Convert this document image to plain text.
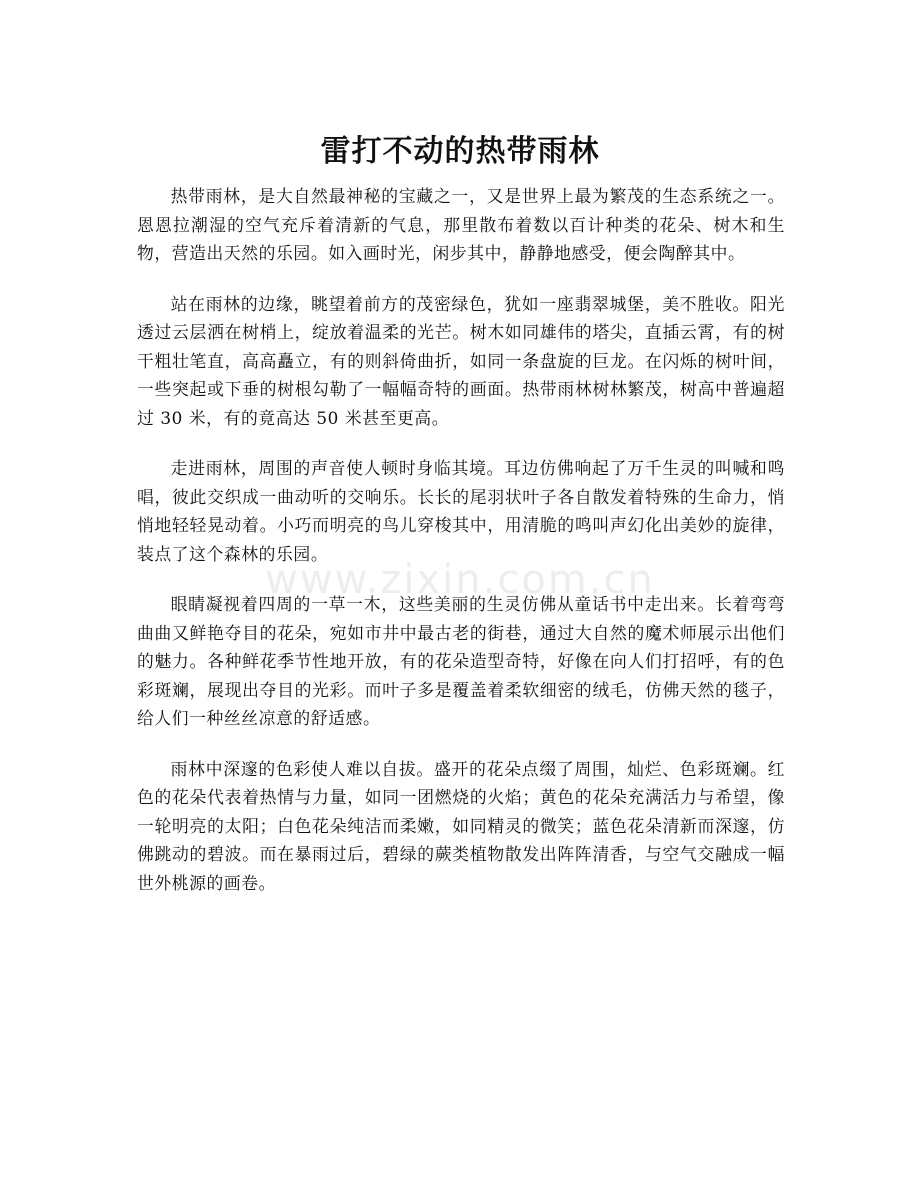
雷打不动的热带雨林

热带雨林，是大自然最神秘的宝藏之一，又是世界上最为繁茂的生态系统之一。恩恩拉潮湿的空气充斥着清新的气息，那里散布着数以百计种类的花朵、树木和生物，营造出天然的乐园。如入画时光，闲步其中，静静地感受，便会陶醉其中。

站在雨林的边缘，眺望着前方的茂密绿色，犹如一座翡翠城堡，美不胜收。阳光透过云层洒在树梢上，绽放着温柔的光芒。树木如同雄伟的塔尖，直插云霄，有的树干粗壮笔直，高高矗立，有的则斜倚曲折，如同一条盘旋的巨龙。在闪烁的树叶间，一些突起或下垂的树根勾勒了一幅幅奇特的画面。热带雨林树林繁茂，树高中普遍超过 30 米，有的竟高达 50 米甚至更高。

走进雨林，周围的声音使人顿时身临其境。耳边仿佛响起了万千生灵的叫喊和鸣唱，彼此交织成一曲动听的交响乐。长长的尾羽状叶子各自散发着特殊的生命力，悄悄地轻轻晃动着。小巧而明亮的鸟儿穿梭其中，用清脆的鸣叫声幻化出美妙的旋律，装点了这个森林的乐园。

眼睛凝视着四周的一草一木，这些美丽的生灵仿佛从童话书中走出来。长着弯弯曲曲又鲜艳夺目的花朵，宛如市井中最古老的街巷，通过大自然的魔术师展示出他们的魅力。各种鲜花季节性地开放，有的花朵造型奇特，好像在向人们打招呼，有的色彩斑斓，展现出夺目的光彩。而叶子多是覆盖着柔软细密的绒毛，仿佛天然的毯子，给人们一种丝丝凉意的舒适感。

雨林中深邃的色彩使人难以自拔。盛开的花朵点缀了周围，灿烂、色彩斑斓。红色的花朵代表着热情与力量，如同一团燃烧的火焰；黄色的花朵充满活力与希望，像一轮明亮的太阳；白色花朵纯洁而柔嫩，如同精灵的微笑；蓝色花朵清新而深邃，仿佛跳动的碧波。而在暴雨过后，碧绿的蕨类植物散发出阵阵清香，与空气交融成一幅世外桃源的画卷。

www.zixin.com.cn
